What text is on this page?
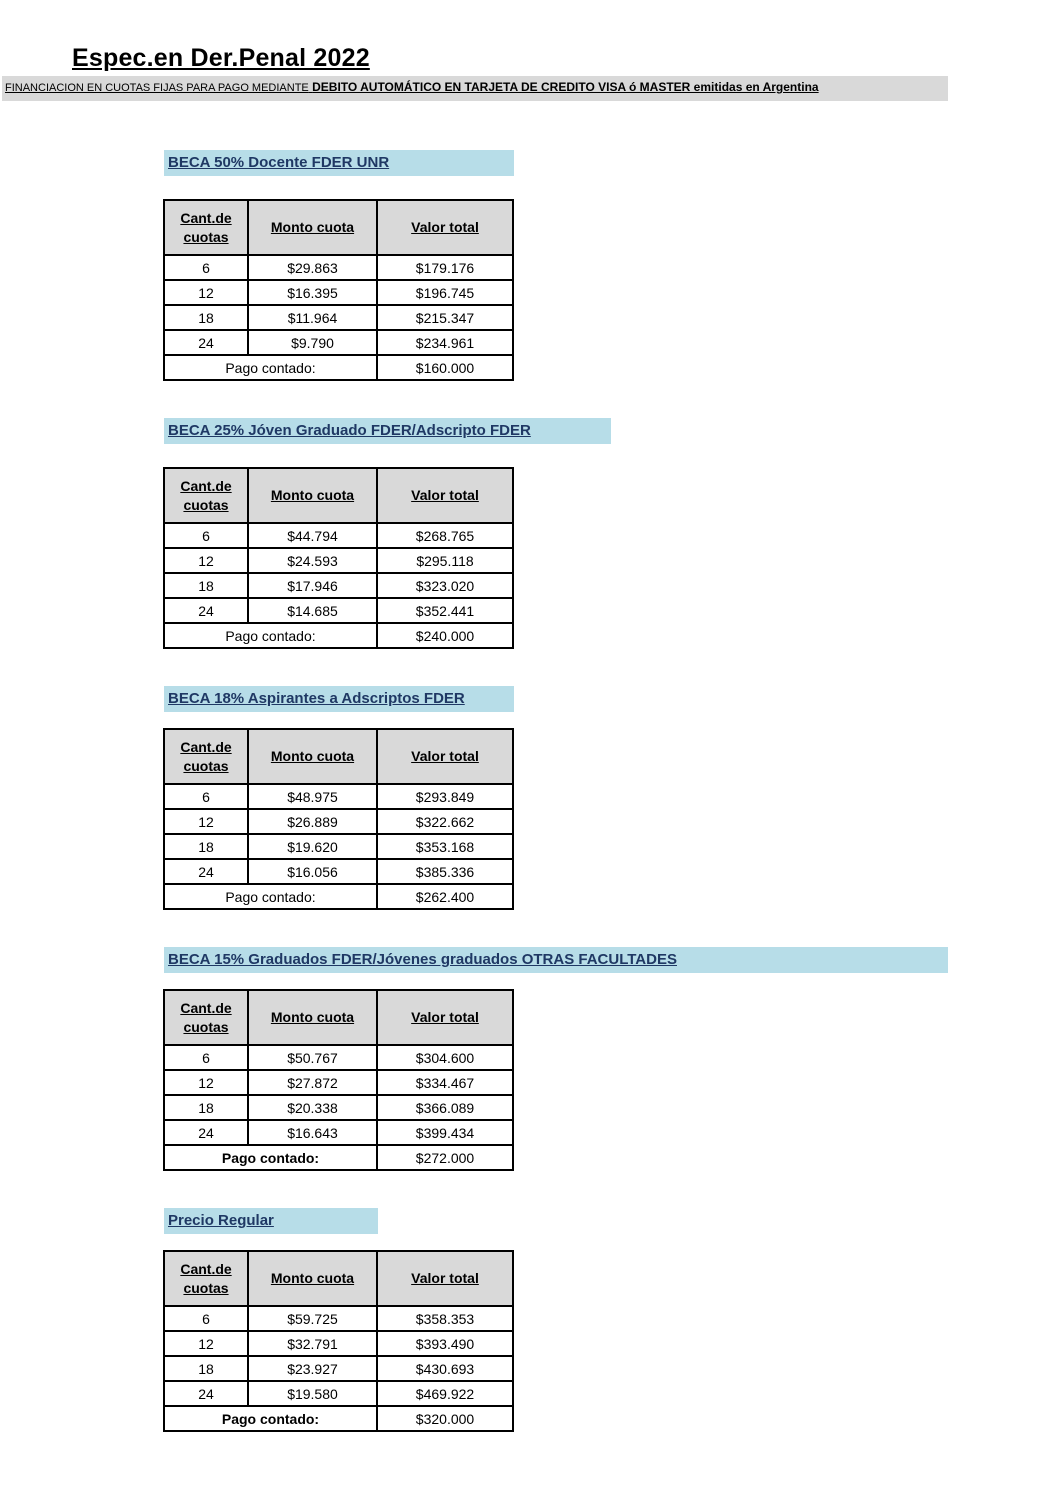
Espec.en Der.Penal 2022
FINANCIACION EN CUOTAS FIJAS PARA PAGO MEDIANTE DEBITO AUTOMÁTICO EN TARJETA DE CREDITO VISA ó MASTER emitidas en Argentina
BECA 50% Docente FDER UNR
Cant.de
cuotas	Monto cuota	Valor total
6	$29.863	$179.176
12	$16.395	$196.745
18	$11.964	$215.347
24	$9.790	$234.961
Pago contado:		$160.000
BECA 25% Jóven Graduado FDER/Adscripto FDER
Cant.de
cuotas	Monto cuota	Valor total
6	$44.794	$268.765
12	$24.593	$295.118
18	$17.946	$323.020
24	$14.685	$352.441
Pago contado:		$240.000
BECA 18% Aspirantes a Adscriptos FDER
Cant.de
cuotas	Monto cuota	Valor total
6	$48.975	$293.849
12	$26.889	$322.662
18	$19.620	$353.168
24	$16.056	$385.336
Pago contado:		$262.400
BECA 15% Graduados FDER/Jóvenes graduados OTRAS FACULTADES
Cant.de
cuotas	Monto cuota	Valor total
6	$50.767	$304.600
12	$27.872	$334.467
18	$20.338	$366.089
24	$16.643	$399.434
Pago contado:		$272.000
Precio Regular
Cant.de
cuotas	Monto cuota	Valor total
6	$59.725	$358.353
12	$32.791	$393.490
18	$23.927	$430.693
24	$19.580	$469.922
Pago contado:		$320.000
